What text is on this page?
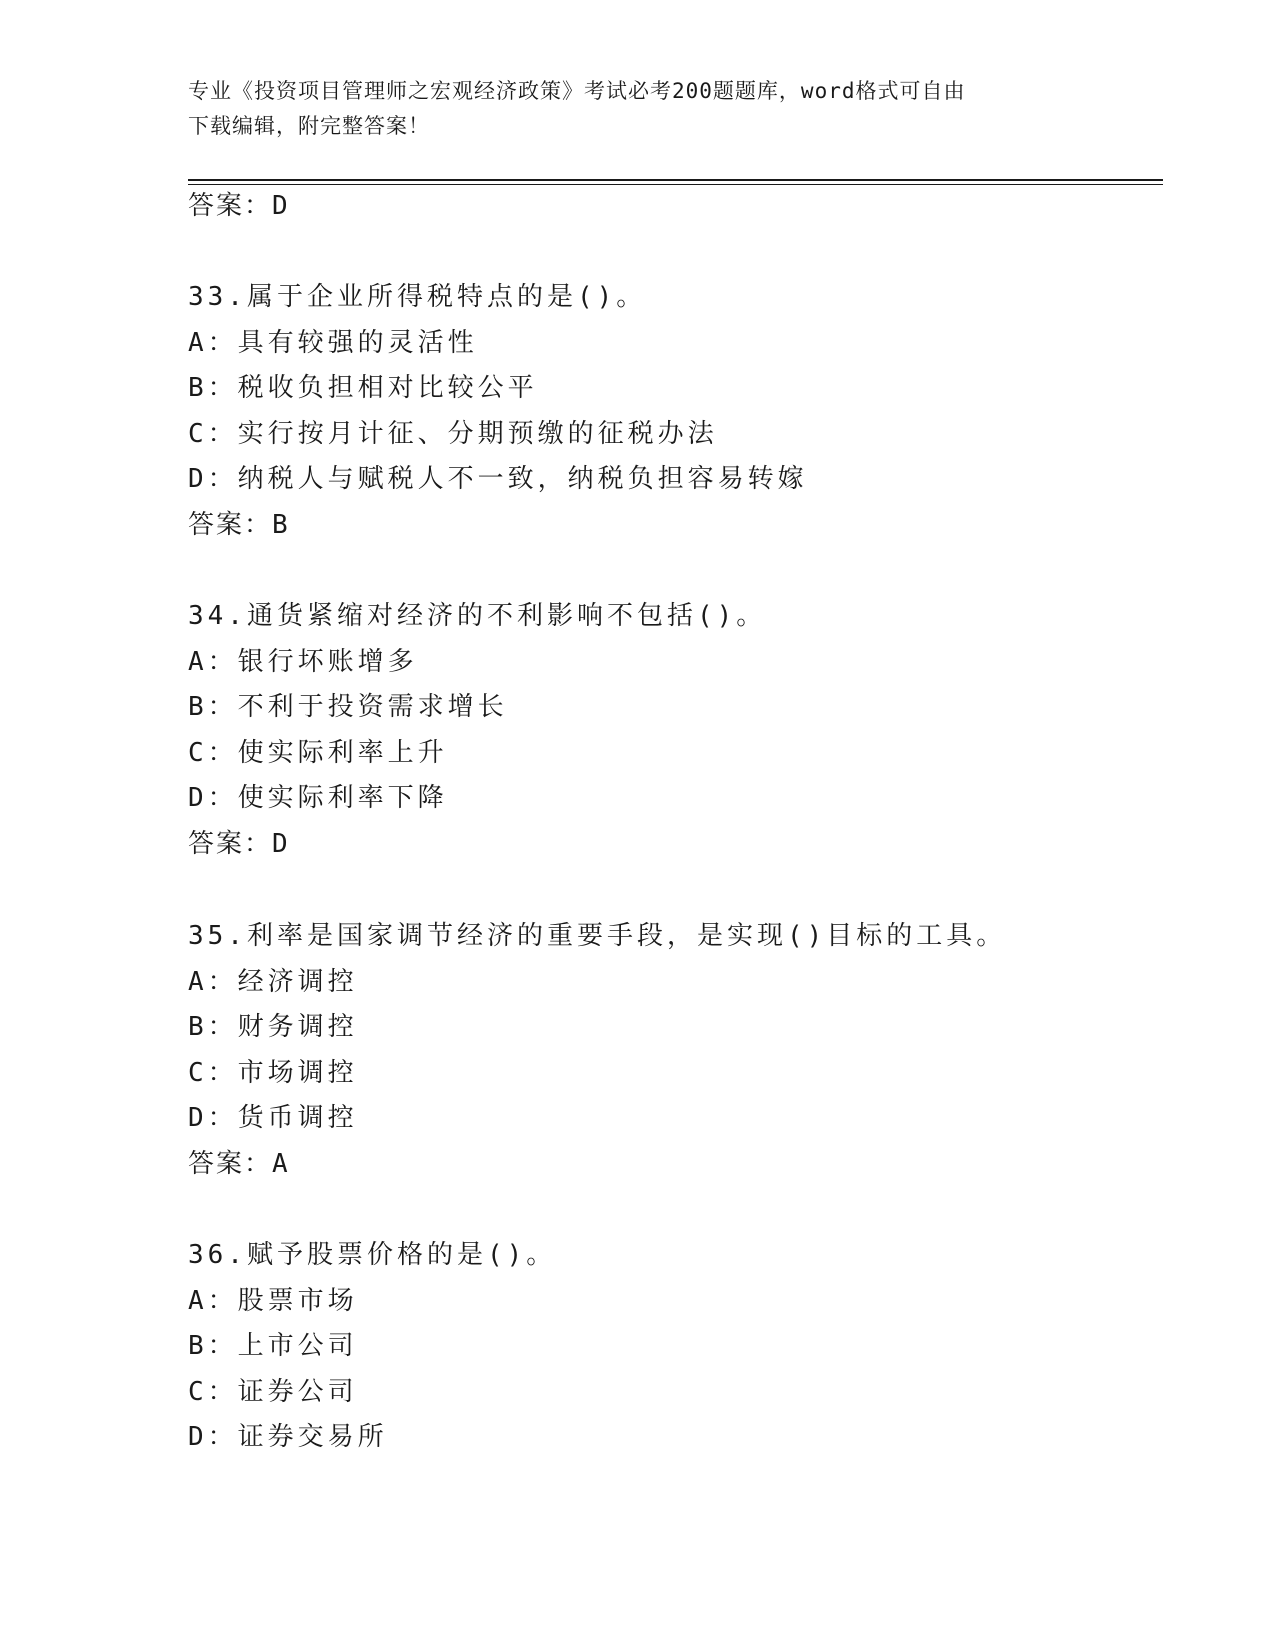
专业《投资项目管理师之宏观经济政策》考试必考200题题库，word格式可自由
下载编辑，附完整答案！
答案：D
33.属于企业所得税特点的是()。
A：具有较强的灵活性
B：税收负担相对比较公平
C：实行按月计征、分期预缴的征税办法
D：纳税人与赋税人不一致，纳税负担容易转嫁
答案：B
34.通货紧缩对经济的不利影响不包括()。
A：银行坏账增多
B：不利于投资需求增长
C：使实际利率上升
D：使实际利率下降
答案：D
35.利率是国家调节经济的重要手段，是实现()目标的工具。
A：经济调控
B：财务调控
C：市场调控
D：货币调控
答案：A
36.赋予股票价格的是()。
A：股票市场
B：上市公司
C：证券公司
D：证券交易所
